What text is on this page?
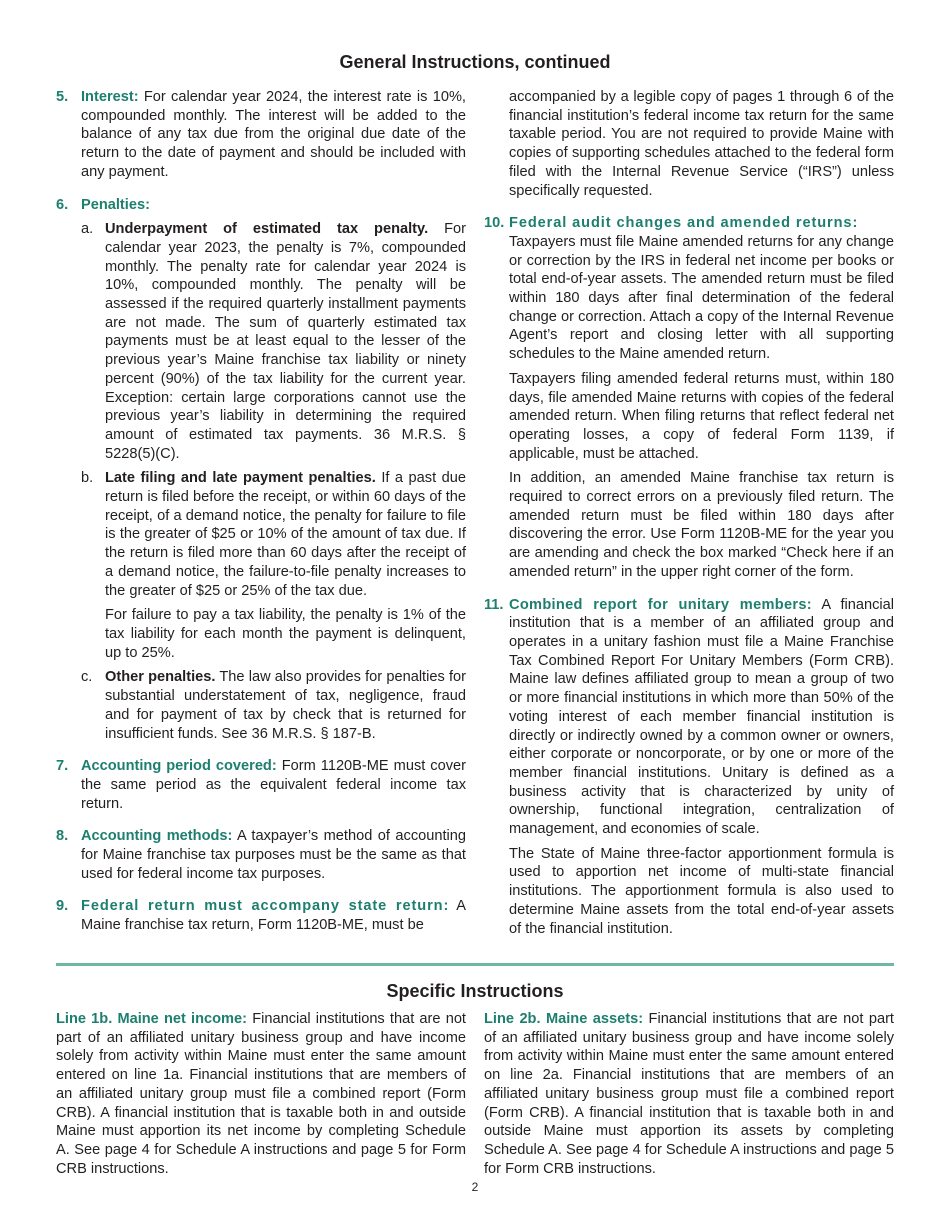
General Instructions, continued
5. Interest: For calendar year 2024, the interest rate is 10%, compounded monthly. The interest will be added to the balance of any tax due from the original due date of the return to the date of payment and should be included with any payment.

6. Penalties:

a. Underpayment of estimated tax penalty. For calendar year 2023, the penalty is 7%, compounded monthly. The penalty rate for calendar year 2024 is 10%, compounded monthly. The penalty will be assessed if the required quarterly installment payments are not made. The sum of quarterly estimated tax payments must be at least equal to the lesser of the previous year’s Maine franchise tax liability or ninety percent (90%) of the tax liability for the current year. Exception: certain large corporations cannot use the previous year’s liability in determining the required amount of estimated tax payments. 36 M.R.S. § 5228(5)(C).

b. Late filing and late payment penalties. If a past due return is filed before the receipt, or within 60 days of the receipt, of a demand notice, the penalty for failure to file is the greater of $25 or 10% of the amount of tax due. If the return is filed more than 60 days after the receipt of a demand notice, the failure-to-file penalty increases to the greater of $25 or 25% of the tax due.

For failure to pay a tax liability, the penalty is 1% of the tax liability for each month the payment is delinquent, up to 25%.

c. Other penalties. The law also provides for penalties for substantial understatement of tax, negligence, fraud and for payment of tax by check that is returned for insufficient funds. See 36 M.R.S. § 187-B.

7. Accounting period covered: Form 1120B-ME must cover the same period as the equivalent federal income tax return.

8. Accounting methods: A taxpayer’s method of accounting for Maine franchise tax purposes must be the same as that used for federal income tax purposes.

9. Federal return must accompany state return: A Maine franchise tax return, Form 1120B-ME, must be

accompanied by a legible copy of pages 1 through 6 of the financial institution’s federal income tax return for the same taxable period. You are not required to provide Maine with copies of supporting schedules attached to the federal form filed with the Internal Revenue Service (“IRS”) unless specifically requested.

10. Federal audit changes and amended returns:
Taxpayers must file Maine amended returns for any change or correction by the IRS in federal net income per books or total end-of-year assets. The amended return must be filed within 180 days after final determination of the federal change or correction. Attach a copy of the Internal Revenue Agent’s report and closing letter with all supporting schedules to the Maine amended return.

Taxpayers filing amended federal returns must, within 180 days, file amended Maine returns with copies of the federal amended return. When filing returns that reflect federal net operating losses, a copy of federal Form 1139, if applicable, must be attached.

In addition, an amended Maine franchise tax return is required to correct errors on a previously filed return. The amended return must be filed within 180 days after discovering the error. Use Form 1120B-ME for the year you are amending and check the box marked “Check here if an amended return” in the upper right corner of the form.

11. Combined report for unitary members: A financial institution that is a member of an affiliated group and operates in a unitary fashion must file a Maine Franchise Tax Combined Report For Unitary Members (Form CRB). Maine law defines affiliated group to mean a group of two or more financial institutions in which more than 50% of the voting interest of each member financial institution is directly or indirectly owned by a common owner or owners, either corporate or noncorporate, or by one or more of the member financial institutions. Unitary is defined as a business activity that is characterized by unity of ownership, functional integration, centralization of management, and economies of scale.

The State of Maine three-factor apportionment formula is used to apportion net income of multi-state financial institutions. The apportionment formula is also used to determine Maine assets from the total end-of-year assets of the financial institution.

Specific Instructions

Line 1b. Maine net income: Financial institutions that are not part of an affiliated unitary business group and have income solely from activity within Maine must enter the same amount entered on line 1a. Financial institutions that are members of an affiliated unitary group must file a combined report (Form CRB). A financial institution that is taxable both in and outside Maine must apportion its net income by completing Schedule A. See page 4 for Schedule A instructions and page 5 for Form CRB instructions.

Line 2b. Maine assets: Financial institutions that are not part of an affiliated unitary business group and have income solely from activity within Maine must enter the same amount entered on line 2a. Financial institutions that are members of an affiliated unitary business group must file a combined report (Form CRB). A financial institution that is taxable both in and outside Maine must apportion its assets by completing Schedule A. See page 4 for Schedule A instructions and page 5 for Form CRB instructions.

2
